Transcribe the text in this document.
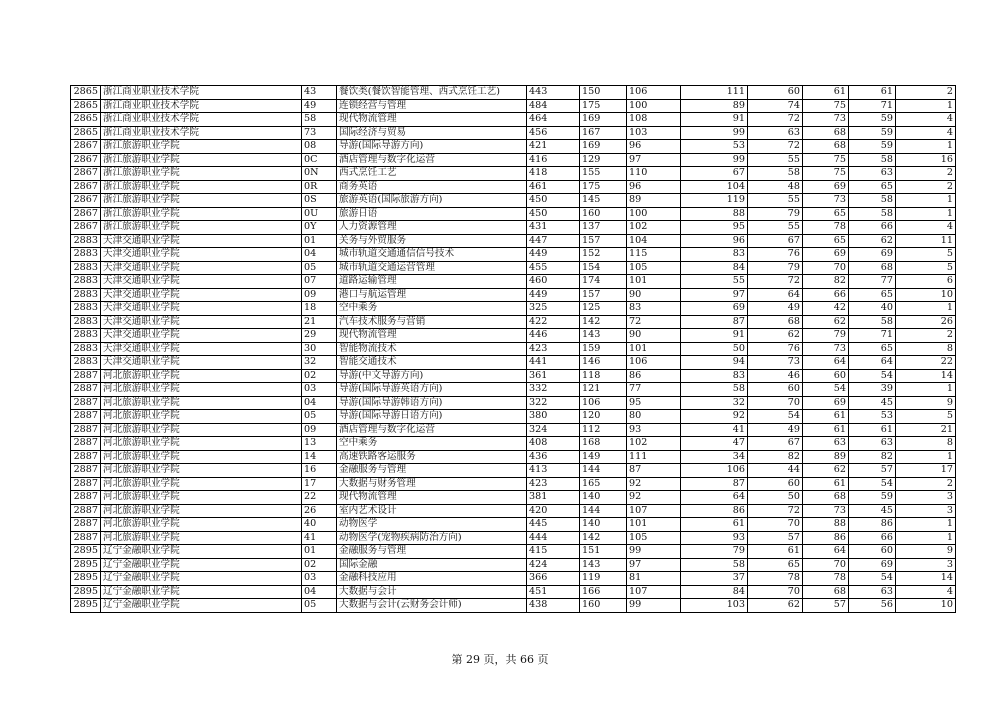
2865	浙江商业职业技术学院	43	餐饮类(餐饮智能管理、西式烹饪工艺)	443	150	106	111	60	61	61	2
2865	浙江商业职业技术学院	49	连锁经营与管理	484	175	100	89	74	75	71	1
2865	浙江商业职业技术学院	58	现代物流管理	464	169	108	91	72	73	59	4
2865	浙江商业职业技术学院	73	国际经济与贸易	456	167	103	99	63	68	59	4
2867	浙江旅游职业学院	08	导游(国际导游方向)	421	169	96	53	72	68	59	1
2867	浙江旅游职业学院	0C	酒店管理与数字化运营	416	129	97	99	55	75	58	16
2867	浙江旅游职业学院	0N	西式烹饪工艺	418	155	110	67	58	75	63	2
2867	浙江旅游职业学院	0R	商务英语	461	175	96	104	48	69	65	2
2867	浙江旅游职业学院	0S	旅游英语(国际旅游方向)	450	145	89	119	55	73	58	1
2867	浙江旅游职业学院	0U	旅游日语	450	160	100	88	79	65	58	1
2867	浙江旅游职业学院	0Y	人力资源管理	431	137	102	95	55	78	66	4
2883	天津交通职业学院	01	关务与外贸服务	447	157	104	96	67	65	62	11
2883	天津交通职业学院	04	城市轨道交通通信信号技术	449	152	115	83	76	69	69	5
2883	天津交通职业学院	05	城市轨道交通运营管理	455	154	105	84	79	70	68	5
2883	天津交通职业学院	07	道路运输管理	460	174	101	55	72	82	77	6
2883	天津交通职业学院	09	港口与航运管理	449	157	90	97	64	66	65	10
2883	天津交通职业学院	18	空中乘务	325	125	83	69	49	42	40	1
2883	天津交通职业学院	21	汽车技术服务与营销	422	142	72	87	68	62	58	26
2883	天津交通职业学院	29	现代物流管理	446	143	90	91	62	79	71	2
2883	天津交通职业学院	30	智能物流技术	423	159	101	50	76	73	65	8
2883	天津交通职业学院	32	智能交通技术	441	146	106	94	73	64	64	22
2887	河北旅游职业学院	02	导游(中文导游方向)	361	118	86	83	46	60	54	14
2887	河北旅游职业学院	03	导游(国际导游英语方向)	332	121	77	58	60	54	39	1
2887	河北旅游职业学院	04	导游(国际导游韩语方向)	322	106	95	32	70	69	45	9
2887	河北旅游职业学院	05	导游(国际导游日语方向)	380	120	80	92	54	61	53	5
2887	河北旅游职业学院	09	酒店管理与数字化运营	324	112	93	41	49	61	61	21
2887	河北旅游职业学院	13	空中乘务	408	168	102	47	67	63	63	8
2887	河北旅游职业学院	14	高速铁路客运服务	436	149	111	34	82	89	82	1
2887	河北旅游职业学院	16	金融服务与管理	413	144	87	106	44	62	57	17
2887	河北旅游职业学院	17	大数据与财务管理	423	165	92	87	60	61	54	2
2887	河北旅游职业学院	22	现代物流管理	381	140	92	64	50	68	59	3
2887	河北旅游职业学院	26	室内艺术设计	420	144	107	86	72	73	45	3
2887	河北旅游职业学院	40	动物医学	445	140	101	61	70	88	86	1
2887	河北旅游职业学院	41	动物医学(宠物疾病防治方向)	444	142	105	93	57	86	66	1
2895	辽宁金融职业学院	01	金融服务与管理	415	151	99	79	61	64	60	9
2895	辽宁金融职业学院	02	国际金融	424	143	97	58	65	70	69	3
2895	辽宁金融职业学院	03	金融科技应用	366	119	81	37	78	78	54	14
2895	辽宁金融职业学院	04	大数据与会计	451	166	107	84	70	68	63	4
2895	辽宁金融职业学院	05	大数据与会计(云财务会计师)	438	160	99	103	62	57	56	10
第 29 页，共 66 页
